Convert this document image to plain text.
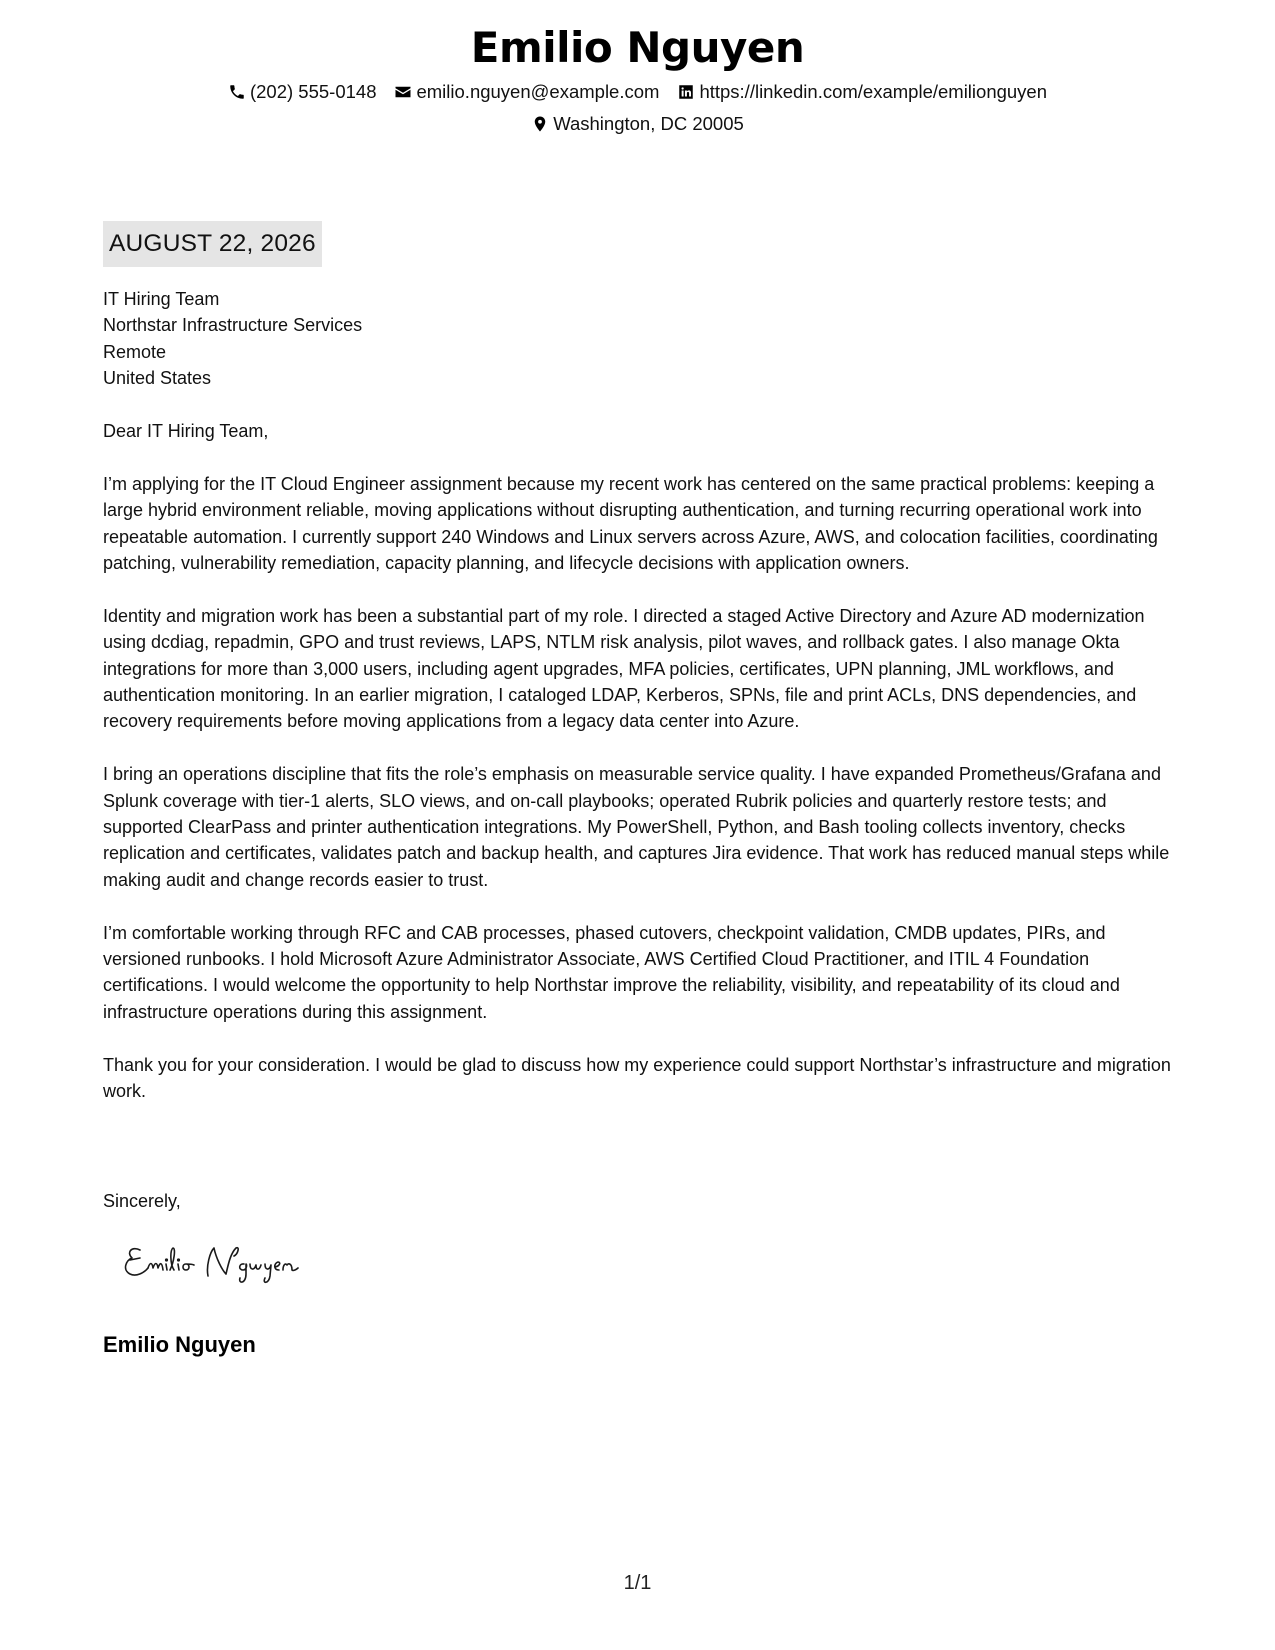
Emilio Nguyen
(202) 555-0148 emilio.nguyen@example.com https://linkedin.com/example/emilionguyen
Washington, DC 20005
AUGUST 22, 2026

IT Hiring Team
Northstar Infrastructure Services
Remote
United States

Dear IT Hiring Team,

I’m applying for the IT Cloud Engineer assignment because my recent work has centered on the same practical problems: keeping a large hybrid environment reliable, moving applications without disrupting authentication, and turning recurring operational work into repeatable automation. I currently support 240 Windows and Linux servers across Azure, AWS, and colocation facilities, coordinating patching, vulnerability remediation, capacity planning, and lifecycle decisions with application owners.

Identity and migration work has been a substantial part of my role. I directed a staged Active Directory and Azure AD modernization using dcdiag, repadmin, GPO and trust reviews, LAPS, NTLM risk analysis, pilot waves, and rollback gates. I also manage Okta integrations for more than 3,000 users, including agent upgrades, MFA policies, certificates, UPN planning, JML workflows, and authentication monitoring. In an earlier migration, I cataloged LDAP, Kerberos, SPNs, file and print ACLs, DNS dependencies, and recovery requirements before moving applications from a legacy data center into Azure.

I bring an operations discipline that fits the role’s emphasis on measurable service quality. I have expanded Prometheus/Grafana and Splunk coverage with tier-1 alerts, SLO views, and on-call playbooks; operated Rubrik policies and quarterly restore tests; and supported ClearPass and printer authentication integrations. My PowerShell, Python, and Bash tooling collects inventory, checks replication and certificates, validates patch and backup health, and captures Jira evidence. That work has reduced manual steps while making audit and change records easier to trust.

I’m comfortable working through RFC and CAB processes, phased cutovers, checkpoint validation, CMDB updates, PIRs, and versioned runbooks. I hold Microsoft Azure Administrator Associate, AWS Certified Cloud Practitioner, and ITIL 4 Foundation certifications. I would welcome the opportunity to help Northstar improve the reliability, visibility, and repeatability of its cloud and infrastructure operations during this assignment.

Thank you for your consideration. I would be glad to discuss how my experience could support Northstar’s infrastructure and migration work.

Sincerely,
Emilio Nguyen
1/1
